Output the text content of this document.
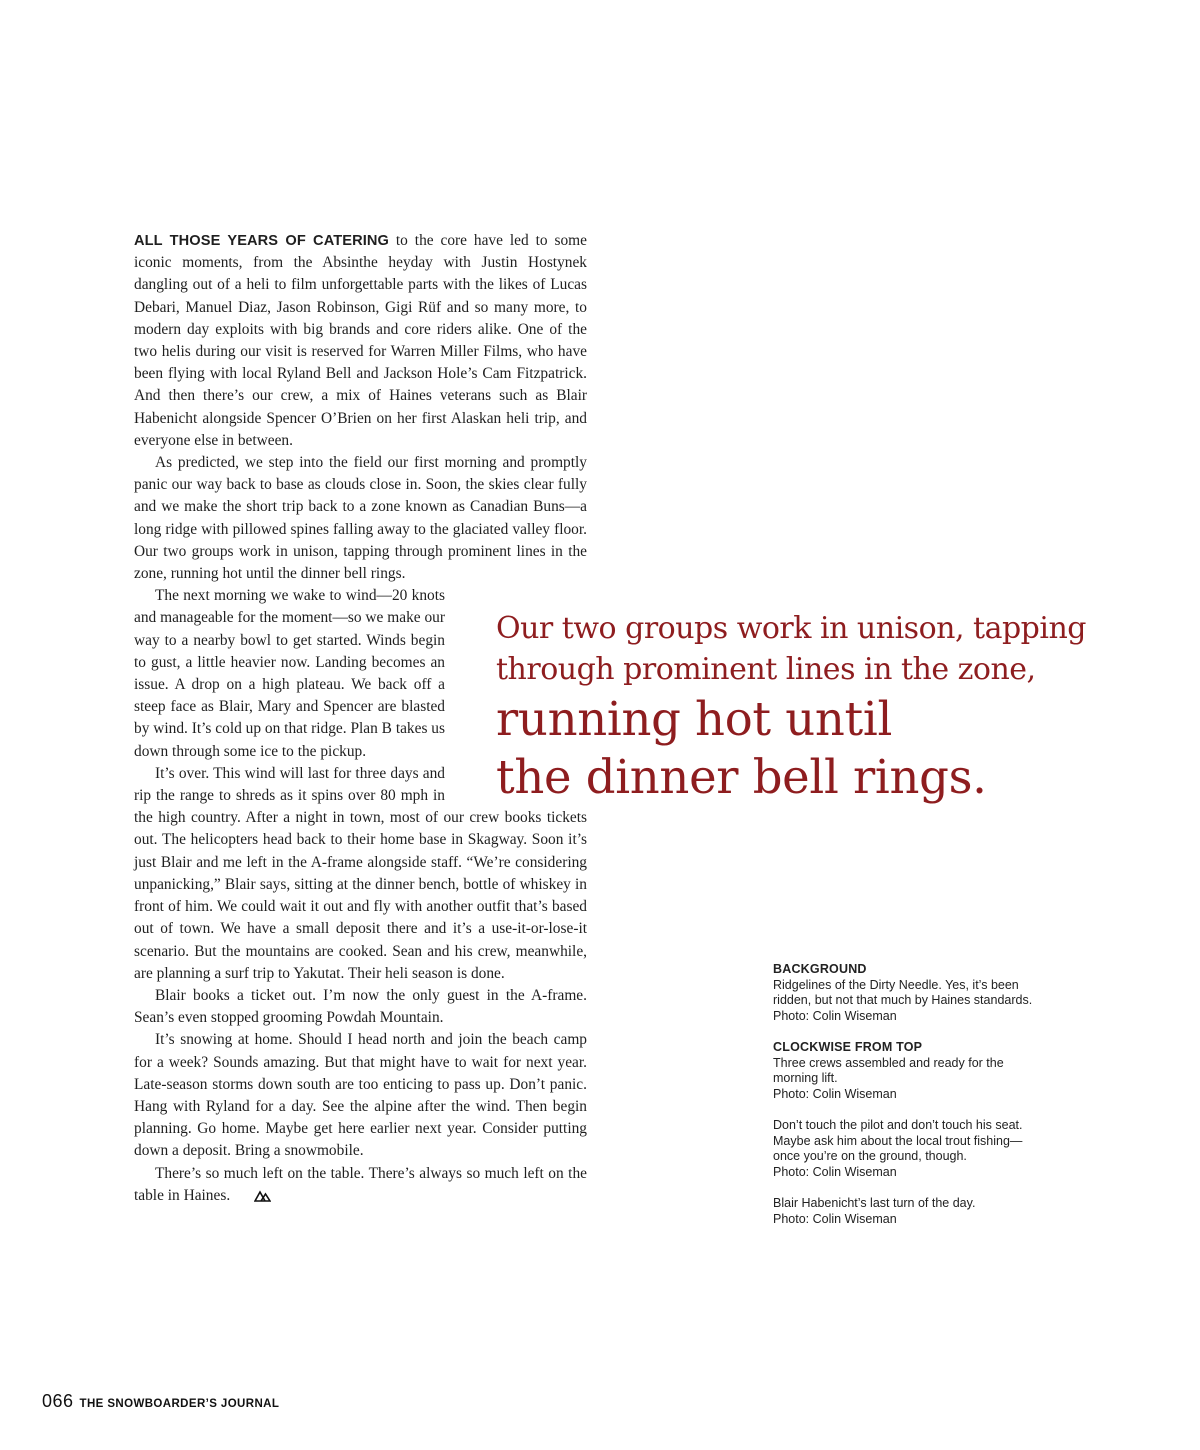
ALL THOSE YEARS OF CATERING to the core have led to some iconic moments, from the Absinthe heyday with Justin Hostynek dangling out of a heli to film unforgettable parts with the likes of Lucas Debari, Manuel Diaz, Jason Robinson, Gigi Rüf and so many more, to modern day exploits with big brands and core riders alike. One of the two helis during our visit is reserved for Warren Miller Films, who have been flying with local Ryland Bell and Jackson Hole’s Cam Fitzpatrick. And then there’s our crew, a mix of Haines veterans such as Blair Habenicht alongside Spencer O’Brien on her first Alaskan heli trip, and everyone else in between.

As predicted, we step into the field our first morning and promptly panic our way back to base as clouds close in. Soon, the skies clear fully and we make the short trip back to a zone known as Canadian Buns—a long ridge with pillowed spines falling away to the glaciated valley floor. Our two groups work in unison, tapping through prominent lines in the zone, running hot until the dinner bell rings.

The next morning we wake to wind—20 knots and manageable for the moment—so we make our way to a nearby bowl to get started. Winds begin to gust, a little heavier now. Landing becomes an issue. A drop on a high plateau. We back off a steep face as Blair, Mary and Spencer are blasted by wind. It’s cold up on that ridge. Plan B takes us down through some ice to the pickup.

It’s over. This wind will last for three days and rip the range to shreds as it spins over 80 mph in the high country. After a night in town, most of our crew books tickets out. The helicopters head back to their home base in Skagway. Soon it’s just Blair and me left in the A-frame alongside staff. “We’re considering unpanicking,” Blair says, sitting at the dinner bench, bottle of whiskey in front of him. We could wait it out and fly with another outfit that’s based out of town. We have a small deposit there and it’s a use-it-or-lose-it scenario. But the mountains are cooked. Sean and his crew, meanwhile, are planning a surf trip to Yakutat. Their heli season is done.

Blair books a ticket out. I’m now the only guest in the A-frame. Sean’s even stopped grooming Powdah Mountain.

It’s snowing at home. Should I head north and join the beach camp for a week? Sounds amazing. But that might have to wait for next year. Late-season storms down south are too enticing to pass up. Don’t panic. Hang with Ryland for a day. See the alpine after the wind. Then begin planning. Go home. Maybe get here earlier next year. Consider putting down a deposit. Bring a snowmobile.

There’s so much left on the table. There’s always so much left on the table in Haines.

Our two groups work in unison, tapping
through prominent lines in the zone,
running hot until
the dinner bell rings.
BACKGROUND
Ridgelines of the Dirty Needle. Yes, it’s been
ridden, but not that much by Haines standards.
Photo: Colin Wiseman
CLOCKWISE FROM TOP
Three crews assembled and ready for the
morning lift.
Photo: Colin Wiseman
Don’t touch the pilot and don’t touch his seat.
Maybe ask him about the local trout fishing—
once you’re on the ground, though.
Photo: Colin Wiseman
Blair Habenicht’s last turn of the day.
Photo: Colin Wiseman
066 THE SNOWBOARDER’S JOURNAL
